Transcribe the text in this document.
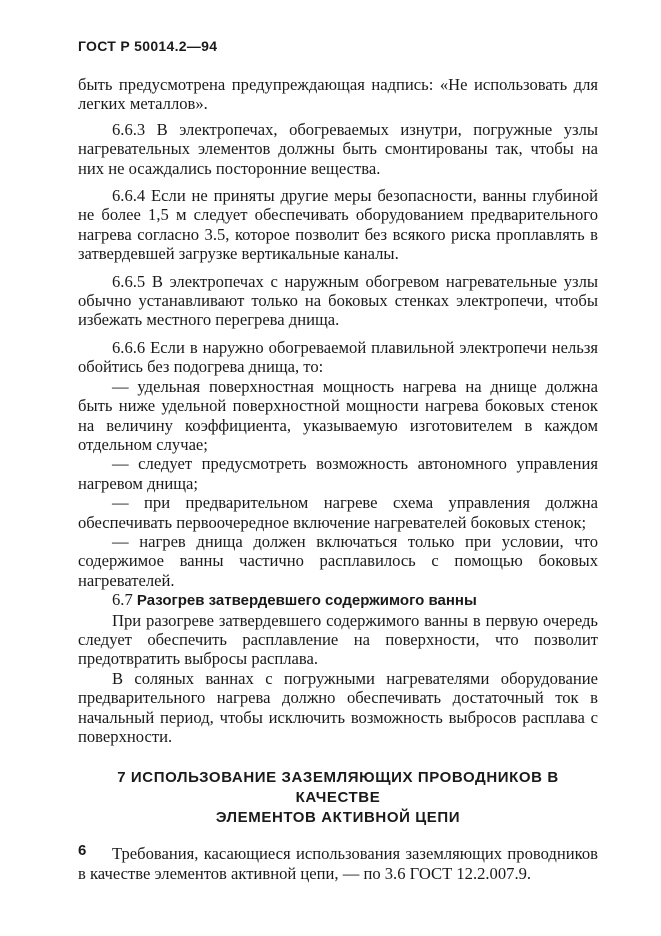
ГОСТ Р 50014.2—94

быть предусмотрена предупреждающая надпись: «Не использовать для легких металлов».

6.6.3 В электропечах, обогреваемых изнутри, погружные узлы нагревательных элементов должны быть смонтированы так, чтобы на них не осаждались посторонние вещества.

6.6.4 Если не приняты другие меры безопасности, ванны глубиной не более 1,5 м следует обеспечивать оборудованием предварительного нагрева согласно 3.5, которое позволит без всякого риска проплавлять в затвердевшей загрузке вертикальные каналы.

6.6.5 В электропечах с наружным обогревом нагревательные узлы обычно устанавливают только на боковых стенках электропечи, чтобы избежать местного перегрева днища.

6.6.6 Если в наружно обогреваемой плавильной электропечи нельзя обойтись без подогрева днища, то:

— удельная поверхностная мощность нагрева на днище должна быть ниже удельной поверхностной мощности нагрева боковых стенок на величину коэффициента, указываемую изготовителем в каждом отдельном случае;

— следует предусмотреть возможность автономного управления нагревом днища;

— при предварительном нагреве схема управления должна обеспечивать первоочередное включение нагревателей боковых стенок;

— нагрев днища должен включаться только при условии, что содержимое ванны частично расплавилось с помощью боковых нагревателей.

6.7 Разогрев затвердевшего содержимого ванны

При разогреве затвердевшего содержимого ванны в первую очередь следует обеспечить расплавление на поверхности, что позволит предотвратить выбросы расплава.

В соляных ваннах с погружными нагревателями оборудование предварительного нагрева должно обеспечивать достаточный ток в начальный период, чтобы исключить возможность выбросов расплава с поверхности.

7 ИСПОЛЬЗОВАНИЕ ЗАЗЕМЛЯЮЩИХ ПРОВОДНИКОВ В КАЧЕСТВЕ
ЭЛЕМЕНТОВ АКТИВНОЙ ЦЕПИ

Требования, касающиеся использования заземляющих проводников в качестве элементов активной цепи, — по 3.6 ГОСТ 12.2.007.9.

6
